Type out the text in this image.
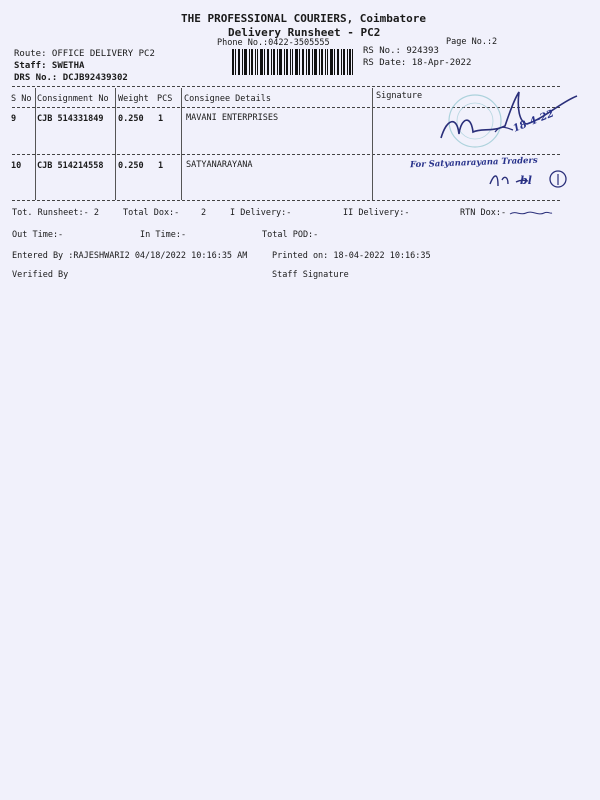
THE PROFESSIONAL COURIERS, Coimbatore
Delivery Runsheet - PC2
Phone No.:0422-3505555	Page No.:2
Route: OFFICE DELIVERY PC2
Staff: SWETHA
DRS No.: DCJB92439302
RS No.: 924393
RS Date: 18-Apr-2022
S No Consignment No Weight PCS Consignee Details	Signature
9 CJB 514331849 0.250 1	MAVANI ENTERPRISES
10 CJB 514214558 0.250 1	SATYANARAYANA
18-4-22
For Satyanarayana Traders
bl
Tot. Runsheet:- 2	Total Dox:-	2	I Delivery:-	II Delivery:-	RTN Dox:-
Out Time:-	In Time:-	Total POD:-
Entered By :RAJESHWARI2 04/18/2022 10:16:35 AM	Printed on: 18-04-2022 10:16:35
Verified By	Staff Signature
